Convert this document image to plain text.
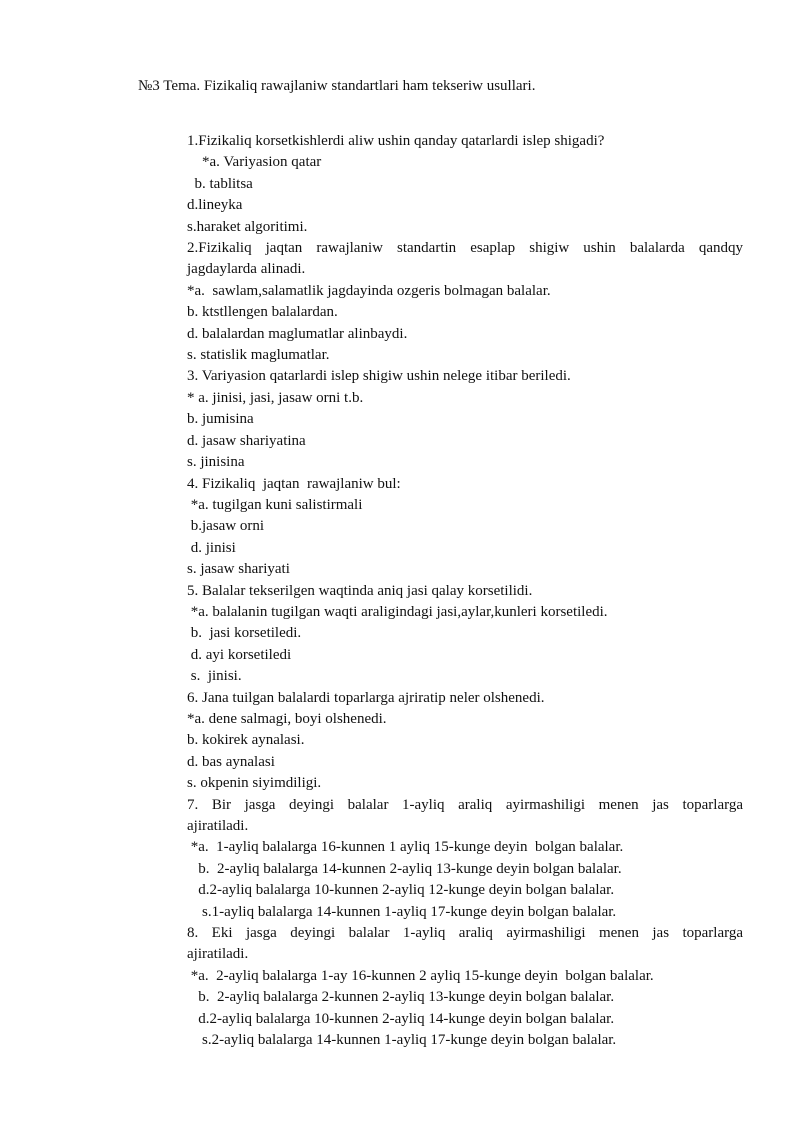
№3 Tema. Fizikaliq rawajlaniw standartlari ham tekseriw usullari.
1.Fizikaliq korsetkishlerdi aliw ushin qanday qatarlardi islep shigadi?
*a. Variyasion qatar
b. tablitsa
d.lineyka
s.haraket algoritimi.
2.Fizikaliq jaqtan rawajlaniw standartin esaplap shigiw ushin balalarda qandqy
jagdaylarda alinadi.
*a.  sawlam,salamatlik jagdayinda ozgeris bolmagan balalar.
b. ktstllengen balalardan.
d. balalardan maglumatlar alinbaydi.
s. statislik maglumatlar.
3. Variyasion qatarlardi islep shigiw ushin nelege itibar beriledi.
* a. jinisi, jasi, jasaw orni t.b.
b. jumisina
d. jasaw shariyatina
s. jinisina
4. Fizikaliq  jaqtan  rawajlaniw bul:
*a. tugilgan kuni salistirmali
b.jasaw orni
d. jinisi
s. jasaw shariyati
5. Balalar tekserilgen waqtinda aniq jasi qalay korsetilidi.
*a. balalanin tugilgan waqti araligindagi jasi,aylar,kunleri korsetiledi.
b.  jasi korsetiledi.
d. ayi korsetiledi
s.  jinisi.
6. Jana tuilgan balalardi toparlarga ajriratip neler olshenedi.
*a. dene salmagi, boyi olshenedi.
b. kokirek aynalasi.
d. bas aynalasi
s. okpenin siyimdiligi.
7. Bir jasga deyingi balalar 1-ayliq araliq ayirmashiligi menen jas toparlarga
ajiratiladi.
*a.  1-ayliq balalarga 16-kunnen 1 ayliq 15-kunge deyin  bolgan balalar.
b.  2-ayliq balalarga 14-kunnen 2-ayliq 13-kunge deyin bolgan balalar.
d.2-ayliq balalarga 10-kunnen 2-ayliq 12-kunge deyin bolgan balalar.
s.1-ayliq balalarga 14-kunnen 1-ayliq 17-kunge deyin bolgan balalar.
8. Eki jasga deyingi balalar 1-ayliq araliq ayirmashiligi menen jas toparlarga
ajiratiladi.
*a.  2-ayliq balalarga 1-ay 16-kunnen 2 ayliq 15-kunge deyin  bolgan balalar.
b.  2-ayliq balalarga 2-kunnen 2-ayliq 13-kunge deyin bolgan balalar.
d.2-ayliq balalarga 10-kunnen 2-ayliq 14-kunge deyin bolgan balalar.
s.2-ayliq balalarga 14-kunnen 1-ayliq 17-kunge deyin bolgan balalar.
